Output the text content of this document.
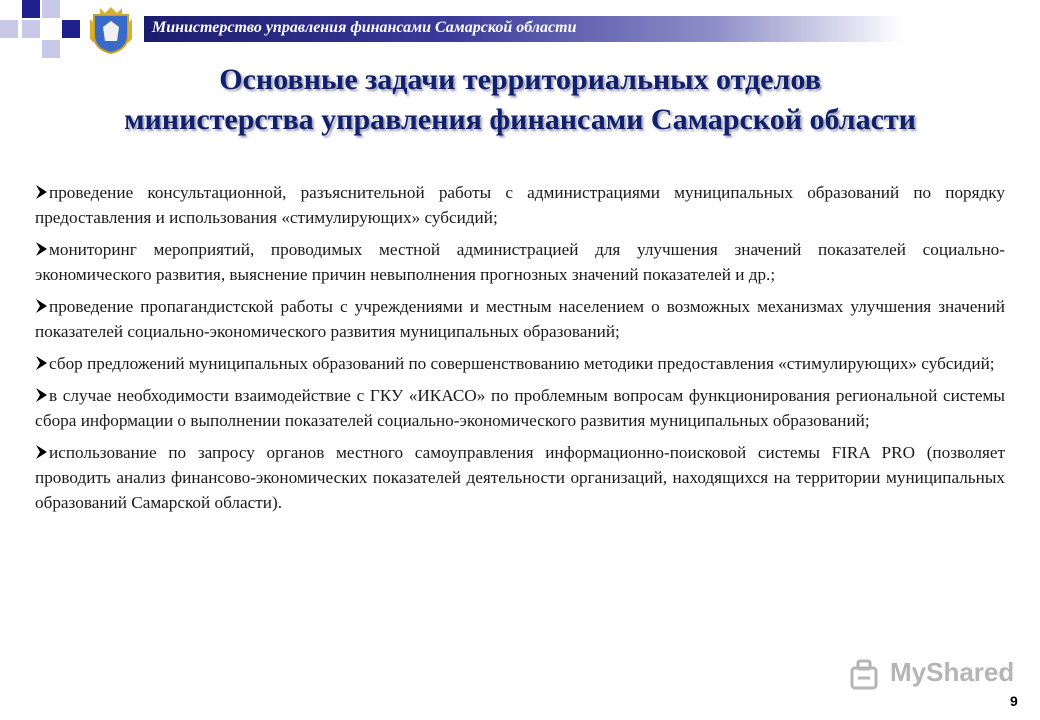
Министерство управления финансами Самарской области
Основные задачи территориальных отделов
министерства управления финансами Самарской области
проведение консультационной, разъяснительной работы с администрациями муниципальных образований по порядку предоставления и использования «стимулирующих» субсидий;
мониторинг мероприятий, проводимых местной администрацией для улучшения значений показателей социально-экономического развития, выяснение причин невыполнения прогнозных значений показателей и др.;
проведение пропагандистской работы с учреждениями и местным населением о возможных механизмах улучшения значений показателей социально-экономического развития муниципальных образований;
сбор предложений муниципальных образований по совершенствованию методики предоставления «стимулирующих» субсидий;
в случае необходимости взаимодействие с ГКУ «ИКАСО» по проблемным вопросам функционирования региональной системы сбора информации о выполнении показателей социально-экономического развития муниципальных образований;
использование по запросу органов местного самоуправления информационно-поисковой системы FIRA PRO (позволяет проводить анализ финансово-экономических показателей деятельности организаций, находящихся на территории муниципальных образований Самарской области).
MyShared
9
